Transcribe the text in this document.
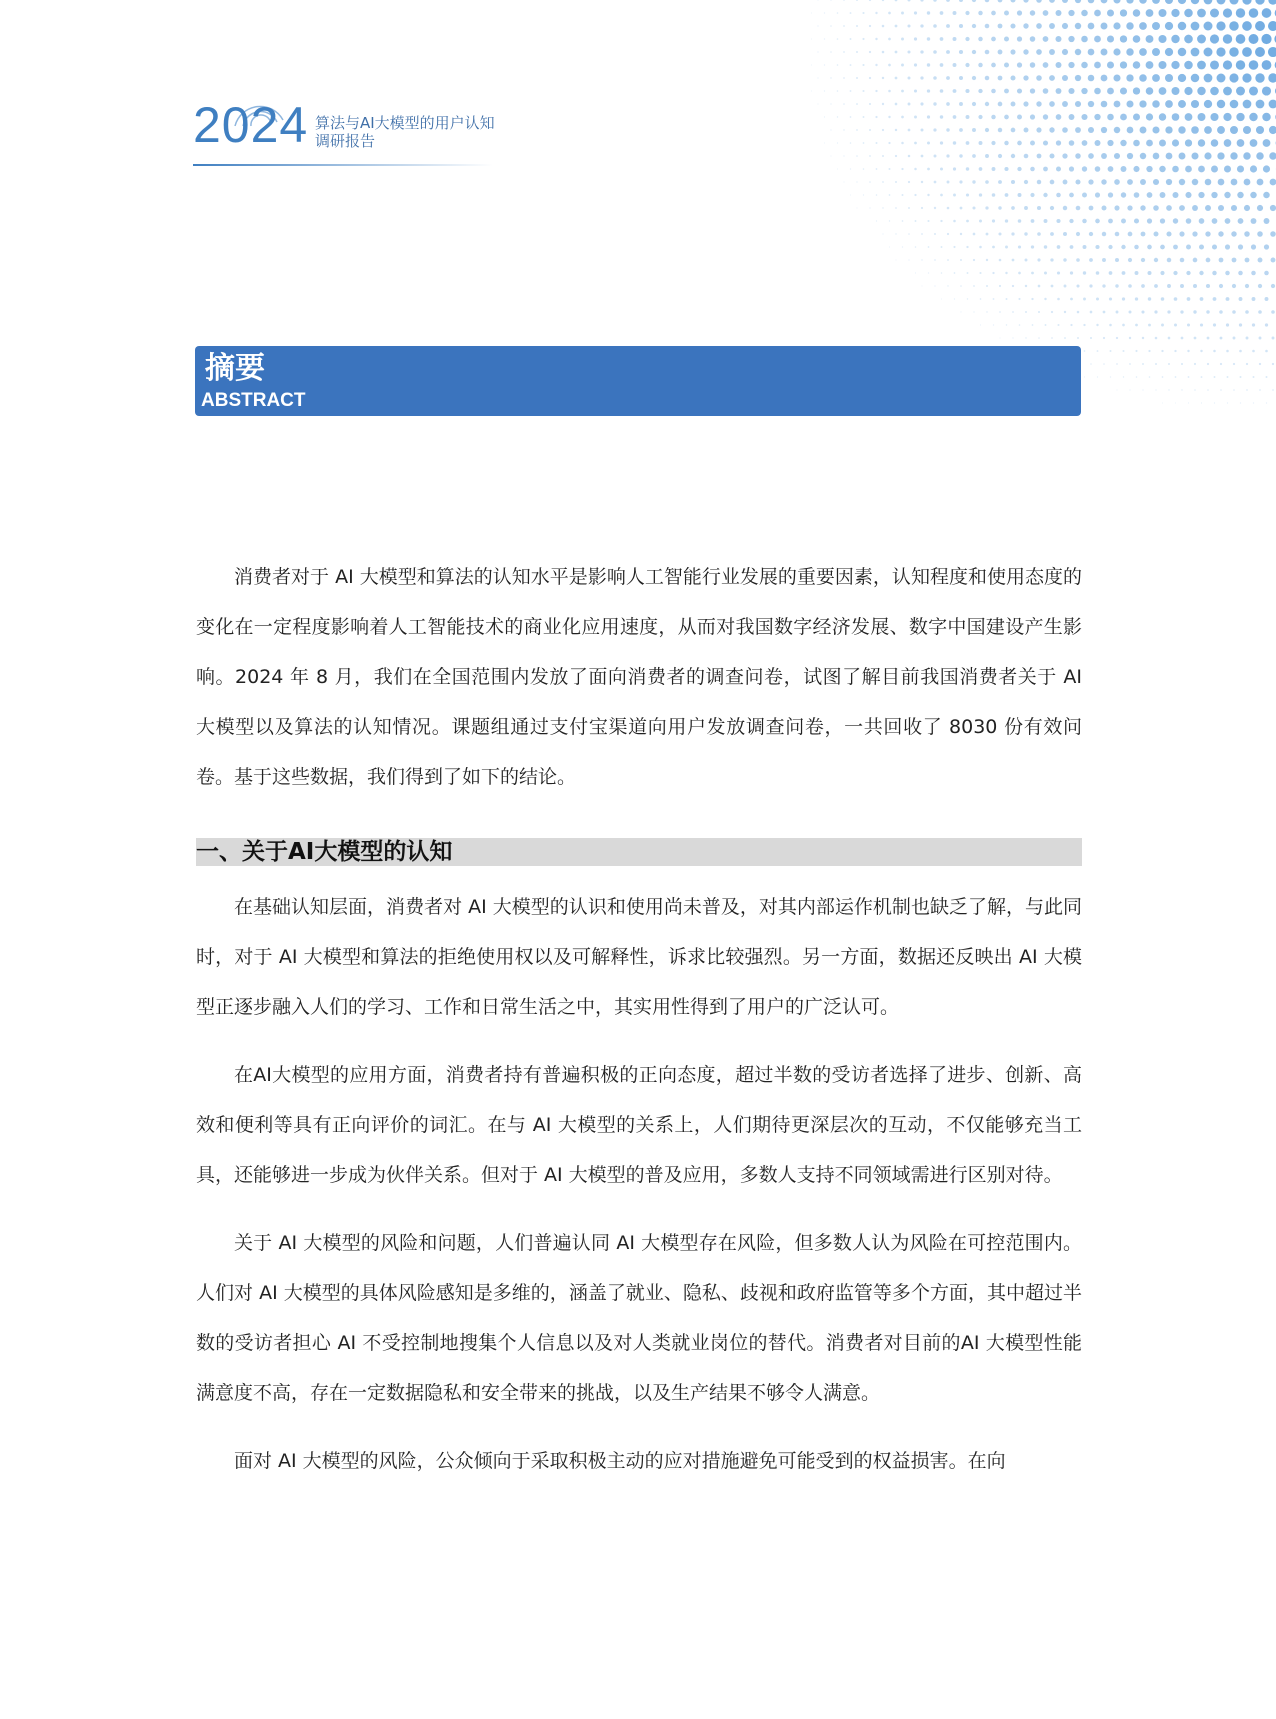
2024 算法与AI大模型的用户认知
调研报告
摘要
ABSTRACT

消费者对于 AI 大模型和算法的认知水平是影响人工智能行业发展的重要因素，认知程度和使用态度的变化在一定程度影响着人工智能技术的商业化应用速度，从而对我国数字经济发展、数字中国建设产生影响。2024 年 8 月，我们在全国范围内发放了面向消费者的调查问卷，试图了解目前我国消费者关于 AI 大模型以及算法的认知情况。课题组通过支付宝渠道向用户发放调查问卷，一共回收了 8030 份有效问卷。基于这些数据，我们得到了如下的结论。

一、关于AI大模型的认知

在基础认知层面，消费者对 AI 大模型的认识和使用尚未普及，对其内部运作机制也缺乏了解，与此同时，对于 AI 大模型和算法的拒绝使用权以及可解释性，诉求比较强烈。另一方面，数据还反映出 AI 大模型正逐步融入人们的学习、工作和日常生活之中，其实用性得到了用户的广泛认可。

在AI大模型的应用方面，消费者持有普遍积极的正向态度，超过半数的受访者选择了进步、创新、高效和便利等具有正向评价的词汇。在与 AI 大模型的关系上，人们期待更深层次的互动，不仅能够充当工具，还能够进一步成为伙伴关系。但对于 AI 大模型的普及应用，多数人支持不同领域需进行区别对待。

关于 AI 大模型的风险和问题，人们普遍认同 AI 大模型存在风险，但多数人认为风险在可控范围内。人们对 AI 大模型的具体风险感知是多维的，涵盖了就业、隐私、歧视和政府监管等多个方面，其中超过半数的受访者担心 AI 不受控制地搜集个人信息以及对人类就业岗位的替代。消费者对目前的AI 大模型性能满意度不高，存在一定数据隐私和安全带来的挑战，以及生产结果不够令人满意。

面对 AI 大模型的风险，公众倾向于采取积极主动的应对措施避免可能受到的权益损害。在向
